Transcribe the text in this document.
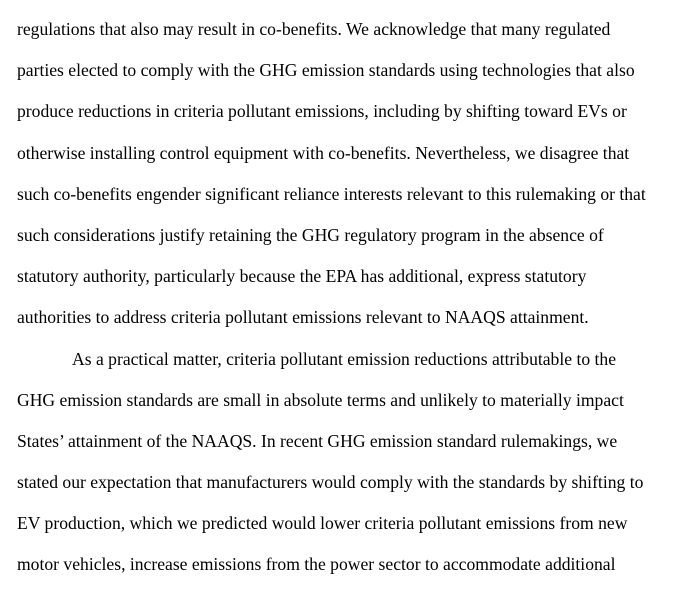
regulations that also may result in co-benefits. We acknowledge that many regulated
parties elected to comply with the GHG emission standards using technologies that also
produce reductions in criteria pollutant emissions, including by shifting toward EVs or
otherwise installing control equipment with co-benefits. Nevertheless, we disagree that
such co-benefits engender significant reliance interests relevant to this rulemaking or that
such considerations justify retaining the GHG regulatory program in the absence of
statutory authority, particularly because the EPA has additional, express statutory
authorities to address criteria pollutant emissions relevant to NAAQS attainment.
As a practical matter, criteria pollutant emission reductions attributable to the
GHG emission standards are small in absolute terms and unlikely to materially impact
States’ attainment of the NAAQS. In recent GHG emission standard rulemakings, we
stated our expectation that manufacturers would comply with the standards by shifting to
EV production, which we predicted would lower criteria pollutant emissions from new
motor vehicles, increase emissions from the power sector to accommodate additional
